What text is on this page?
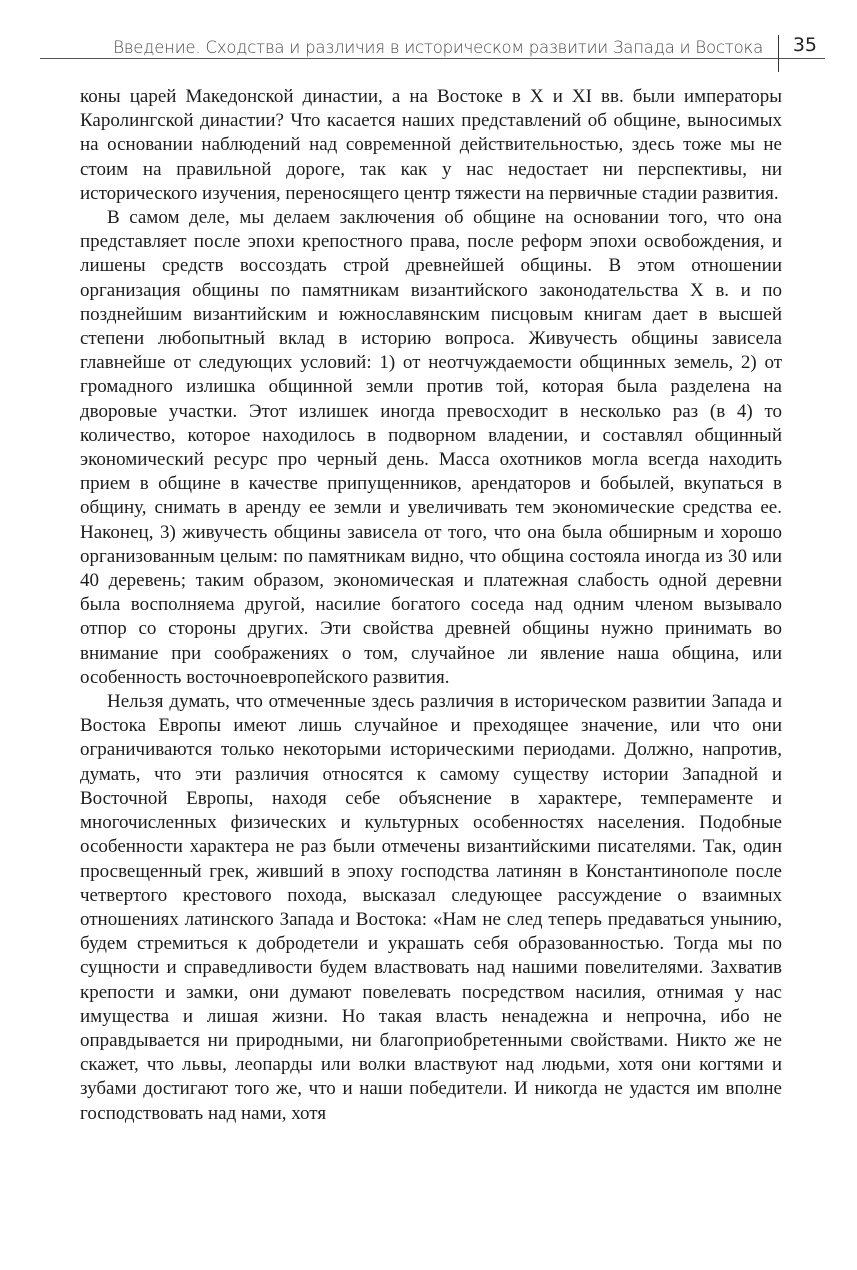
Введение. Сходства и различия в историческом развитии Запада и Востока 35

коны царей Македонской династии, а на Востоке в X и XI вв. были императоры Каролингской династии? Что касается наших представлений об общине, выносимых на основании наблюдений над современной действительностью, здесь тоже мы не стоим на правильной дороге, так как у нас недостает ни перспективы, ни исторического изучения, переносящего центр тяжести на первичные стадии развития.

В самом деле, мы делаем заключения об общине на основании того, что она представляет после эпохи крепостного права, после реформ эпохи освобождения, и лишены средств воссоздать строй древнейшей общины. В этом отношении организация общины по памятникам византийского законодательства X в. и по позднейшим византийским и южнославянским писцовым книгам дает в высшей степени любопытный вклад в историю вопроса. Живучесть общины зависела главнейше от следующих условий: 1) от неотчуждаемости общинных земель, 2) от громадного излишка общинной земли против той, которая была разделена на дворовые участки. Этот излишек иногда превосходит в несколько раз (в 4) то количество, которое находилось в подворном владении, и составлял общинный экономический ресурс про черный день. Масса охотников могла всегда находить прием в общине в качестве припущенников, арендаторов и бобылей, вкупаться в общину, снимать в аренду ее земли и увеличивать тем экономические средства ее. Наконец, 3) живучесть общины зависела от того, что она была обширным и хорошо организованным целым: по памятникам видно, что община состояла иногда из 30 или 40 деревень; таким образом, экономическая и платежная слабость одной деревни была восполняема другой, насилие богатого соседа над одним членом вызывало отпор со стороны других. Эти свойства древней общины нужно принимать во внимание при соображениях о том, случайное ли явление наша община, или особенность восточноевропейского развития.

Нельзя думать, что отмеченные здесь различия в историческом развитии Запада и Востока Европы имеют лишь случайное и преходящее значение, или что они ограничиваются только некоторыми историческими периодами. Должно, напротив, думать, что эти различия относятся к самому существу истории Западной и Восточной Европы, находя себе объяснение в характере, темпераменте и многочисленных физических и культурных особенностях населения. Подобные особенности характера не раз были отмечены византийскими писателями. Так, один просвещенный грек, живший в эпоху господства латинян в Константинополе после четвертого крестового похода, высказал следующее рассуждение о взаимных отношениях латинского Запада и Востока: «Нам не след теперь предаваться унынию, будем стремиться к добродетели и украшать себя образованностью. Тогда мы по сущности и справедливости будем властвовать над нашими повелителями. Захватив крепости и замки, они думают повелевать посредством насилия, отнимая у нас имущества и лишая жизни. Но такая власть ненадежна и непрочна, ибо не оправдывается ни природными, ни благоприобретенными свойствами. Никто же не скажет, что львы, леопарды или волки властвуют над людьми, хотя они когтями и зубами достигают того же, что и наши победители. И никогда не удастся им вполне господствовать над нами, хотя
